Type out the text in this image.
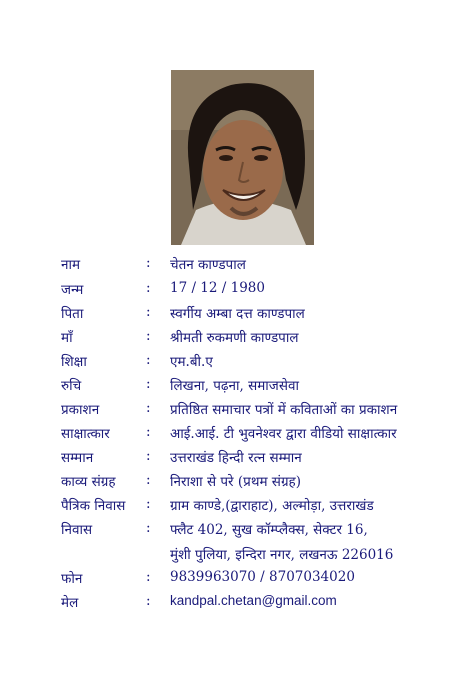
नाम	: चेतन काण्डपाल
जन्म	: 17 / 12 / 1980
पिता	: स्वर्गीय अम्बा दत्त काण्डपाल
माँ	: श्रीमती रुकमणी काण्डपाल
शिक्षा	: एम.बी.ए
रुचि	: लिखना, पढ़ना, समाजसेवा
प्रकाशन	: प्रतिष्ठित समाचार पत्रों में कविताओं का प्रकाशन
साक्षात्कार	: आई.आई. टी भुवनेश्वर द्वारा वीडियो साक्षात्कार
सम्मान	: उत्तराखंड हिन्दी रत्न सम्मान
काव्य संग्रह : निराशा से परे (प्रथम संग्रह)
पैत्रिक निवास : ग्राम काण्डे,(द्वाराहाट), अल्मोड़ा, उत्तराखंड
निवास	: फ्लैट 402, सुख कॉम्प्लैक्स, सेक्टर 16,
मुंशी पुलिया, इन्दिरा नगर, लखनऊ 226016
फोन	: 9839963070 / 8707034020
मेल	: kandpal.chetan@gmail.com
